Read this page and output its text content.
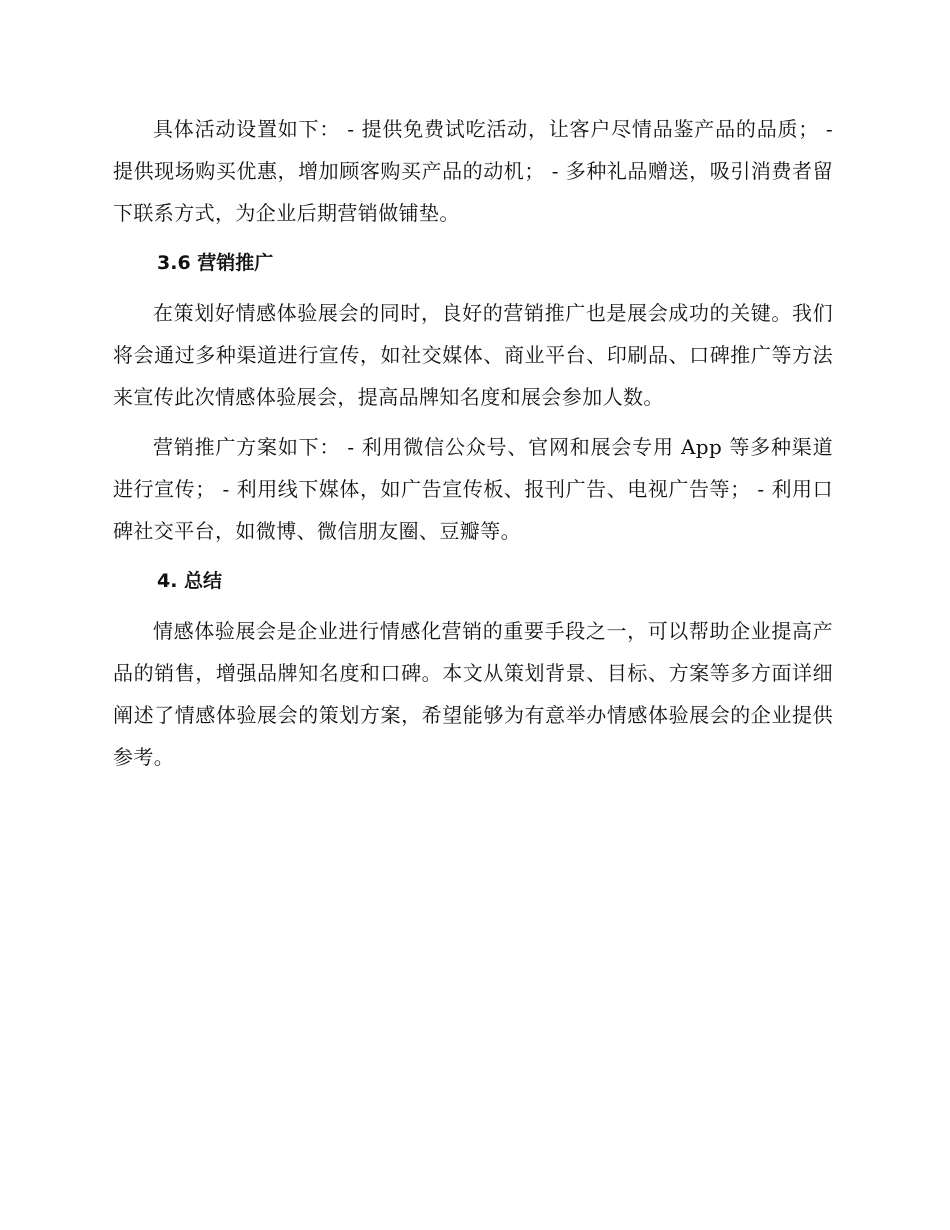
具体活动设置如下： - 提供免费试吃活动，让客户尽情品鉴产品的品质； - 提供现场购买优惠，增加顾客购买产品的动机； - 多种礼品赠送，吸引消费者留下联系方式，为企业后期营销做铺垫。

3.6 营销推广

在策划好情感体验展会的同时，良好的营销推广也是展会成功的关键。我们将会通过多种渠道进行宣传，如社交媒体、商业平台、印刷品、口碑推广等方法来宣传此次情感体验展会，提高品牌知名度和展会参加人数。

营销推广方案如下： - 利用微信公众号、官网和展会专用 App 等多种渠道进行宣传； - 利用线下媒体，如广告宣传板、报刊广告、电视广告等； - 利用口碑社交平台，如微博、微信朋友圈、豆瓣等。

4. 总结

情感体验展会是企业进行情感化营销的重要手段之一，可以帮助企业提高产品的销售，增强品牌知名度和口碑。本文从策划背景、目标、方案等多方面详细阐述了情感体验展会的策划方案，希望能够为有意举办情感体验展会的企业提供参考。
